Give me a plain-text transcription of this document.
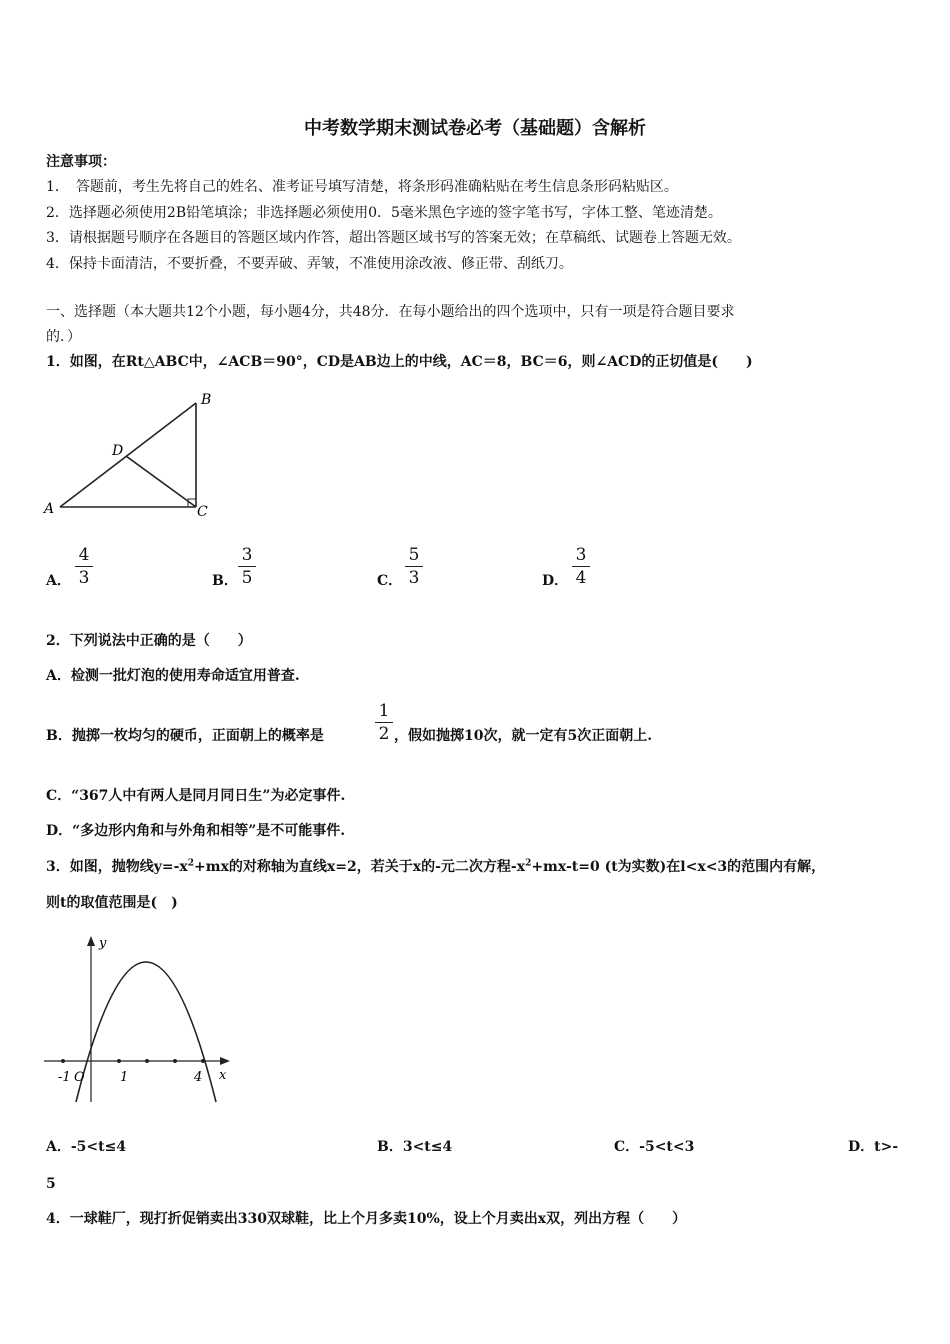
中考数学期末测试卷必考（基础题）含解析
注意事项：
1．　答题前，考生先将自己的姓名、准考证号填写清楚，将条形码准确粘贴在考生信息条形码粘贴区。
2．选择题必须使用2B铅笔填涂；非选择题必须使用0．5毫米黑色字迹的签字笔书写，字体工整、笔迹清楚。
3．请根据题号顺序在各题目的答题区域内作答，超出答题区域书写的答案无效；在草稿纸、试题卷上答题无效。
4．保持卡面清洁，不要折叠，不要弄破、弄皱，不准使用涂改液、修正带、刮纸刀。
一、选择题（本大题共12个小题，每小题4分，共48分．在每小题给出的四个选项中，只有一项是符合题目要求
的．）
1．如图，在Rt△ABC中，∠ACB＝90°，CD是AB边上的中线，AC＝8，BC＝6，则∠ACD的正切值是(　　)
A
B
C
D
A．
4
3	B．
3
5	C．
5
3	D．
3
4
2．下列说法中正确的是（　　）
A．检测一批灯泡的使用寿命适宜用普查.
B．抛掷一枚均匀的硬币，正面朝上的概率是
1
2 ，假如抛掷10次，就一定有5次正面朝上.
C．“367人中有两人是同月同日生”为必定事件.
D．“多边形内角和与外角和相等”是不可能事件.
3．如图，抛物线$y=-x^2+mx$的对称轴为直线x=2，若关于x的-元二次方程$-x^2+mx-t=0$ (t为实数)在l<x<3的范围内有解，
则t的取值范围是(　)
y
x
-1 O	1	4
A．-5<t≤4	B．3<t≤4	C．-5<t<3	D．t>-
5
4．一球鞋厂，现打折促销卖出330双球鞋，比上个月多卖10%，设上个月卖出x双，列出方程（　　）
